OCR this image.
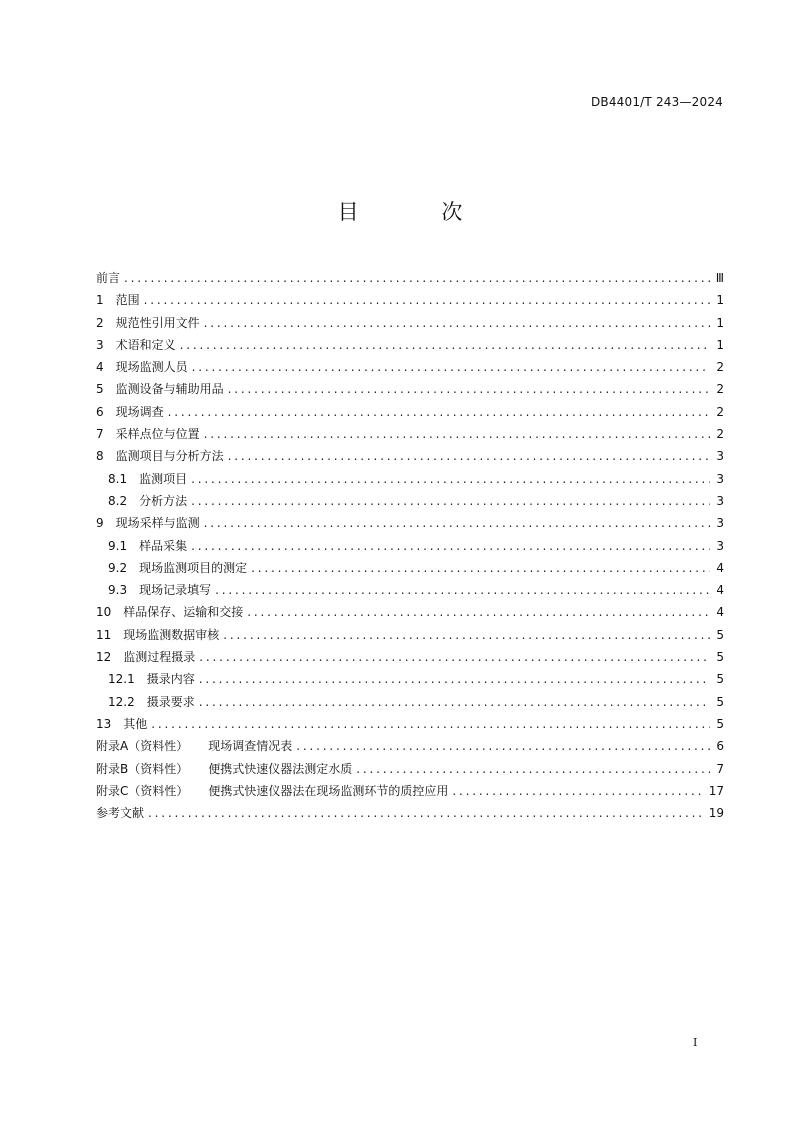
DB4401/T 243—2024
目 次
前言 . . .	Ⅲ
1 范围 . . .	1
2 规范性引用文件 . . .	1
3 术语和定义 . . .	1
4 现场监测人员 . . .	2
5 监测设备与辅助用品 . . .	2
6 现场调查 . . .	2
7 采样点位与位置 . . .	2
8 监测项目与分析方法 . . .	3
8.1 监测项目 . . .	3
8.2 分析方法 . . .	3
9 现场采样与监测 . . .	3
9.1 样品采集 . . .	3
9.2 现场监测项目的测定 . . .	4
9.3 现场记录填写 . . .	4
10 样品保存、运输和交接 . . .	4
11 现场监测数据审核 . . .	5
12 监测过程摄录 . . .	5
12.1 摄录内容 . . .	5
12.2 摄录要求 . . .	5
13 其他 . . .	5
附录A（资料性） 现场调查情况表 . . .	6
附录B（资料性） 便携式快速仪器法测定水质 . . .	7
附录C（资料性） 便携式快速仪器法在现场监测环节的质控应用 . . .	17
参考文献 . . .	19
I
